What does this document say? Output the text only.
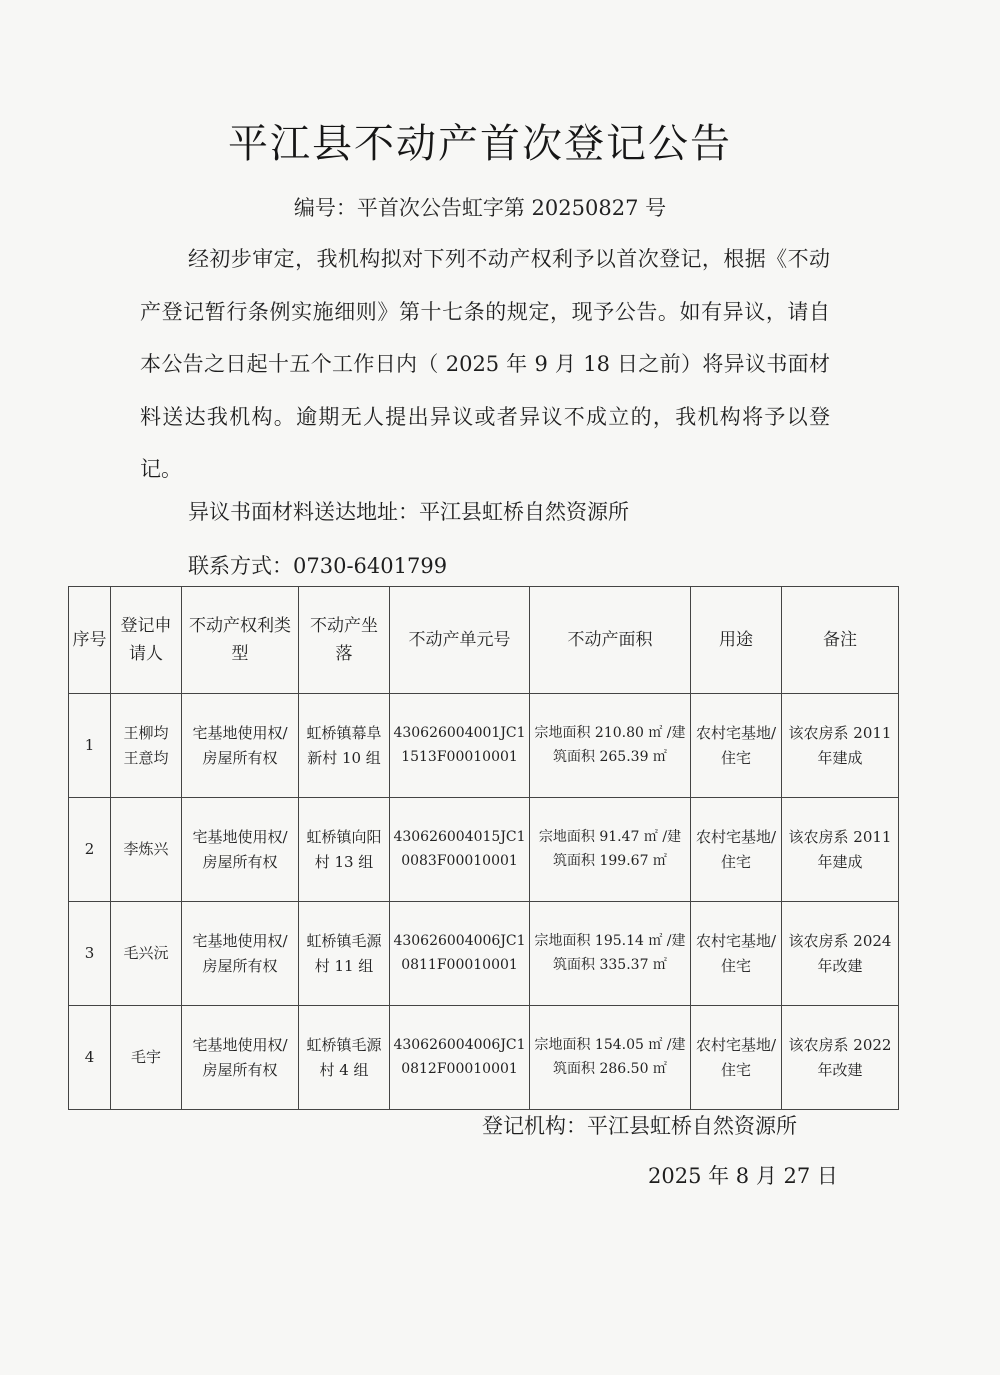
平江县不动产首次登记公告
编号：平首次公告虹字第 20250827 号
经初步审定，我机构拟对下列不动产权利予以首次登记，根据《不动产登记暂行条例实施细则》第十七条的规定，现予公告。如有异议，请自本公告之日起十五个工作日内（ 2025 年 9 月 18 日之前）将异议书面材料送达我机构。逾期无人提出异议或者异议不成立的，我机构将予以登记。
异议书面材料送达地址：平江县虹桥自然资源所
联系方式：0730-6401799
序号	登记申请人	不动产权利类型	不动产坐落	不动产单元号	不动产面积	用途	备注
1	王柳均 王意均	宅基地使用权/房屋所有权	虹桥镇幕阜新村 10 组	430626004001JC11513F00010001	宗地面积 210.80 ㎡ /建筑面积 265.39 ㎡	农村宅基地/住宅	该农房系 2011 年建成
2	李炼兴	宅基地使用权/房屋所有权	虹桥镇向阳村 13 组	430626004015JC10083F00010001	宗地面积 91.47 ㎡ /建筑面积 199.67 ㎡	农村宅基地/住宅	该农房系 2011 年建成
3	毛兴沅	宅基地使用权/房屋所有权	虹桥镇毛源村 11 组	430626004006JC10811F00010001	宗地面积 195.14 ㎡ /建筑面积 335.37 ㎡	农村宅基地/住宅	该农房系 2024 年改建
4	毛宇	宅基地使用权/房屋所有权	虹桥镇毛源村 4 组	430626004006JC10812F00010001	宗地面积 154.05 ㎡ /建筑面积 286.50 ㎡	农村宅基地/住宅	该农房系 2022 年改建
登记机构：平江县虹桥自然资源所
2025 年 8 月 27 日
